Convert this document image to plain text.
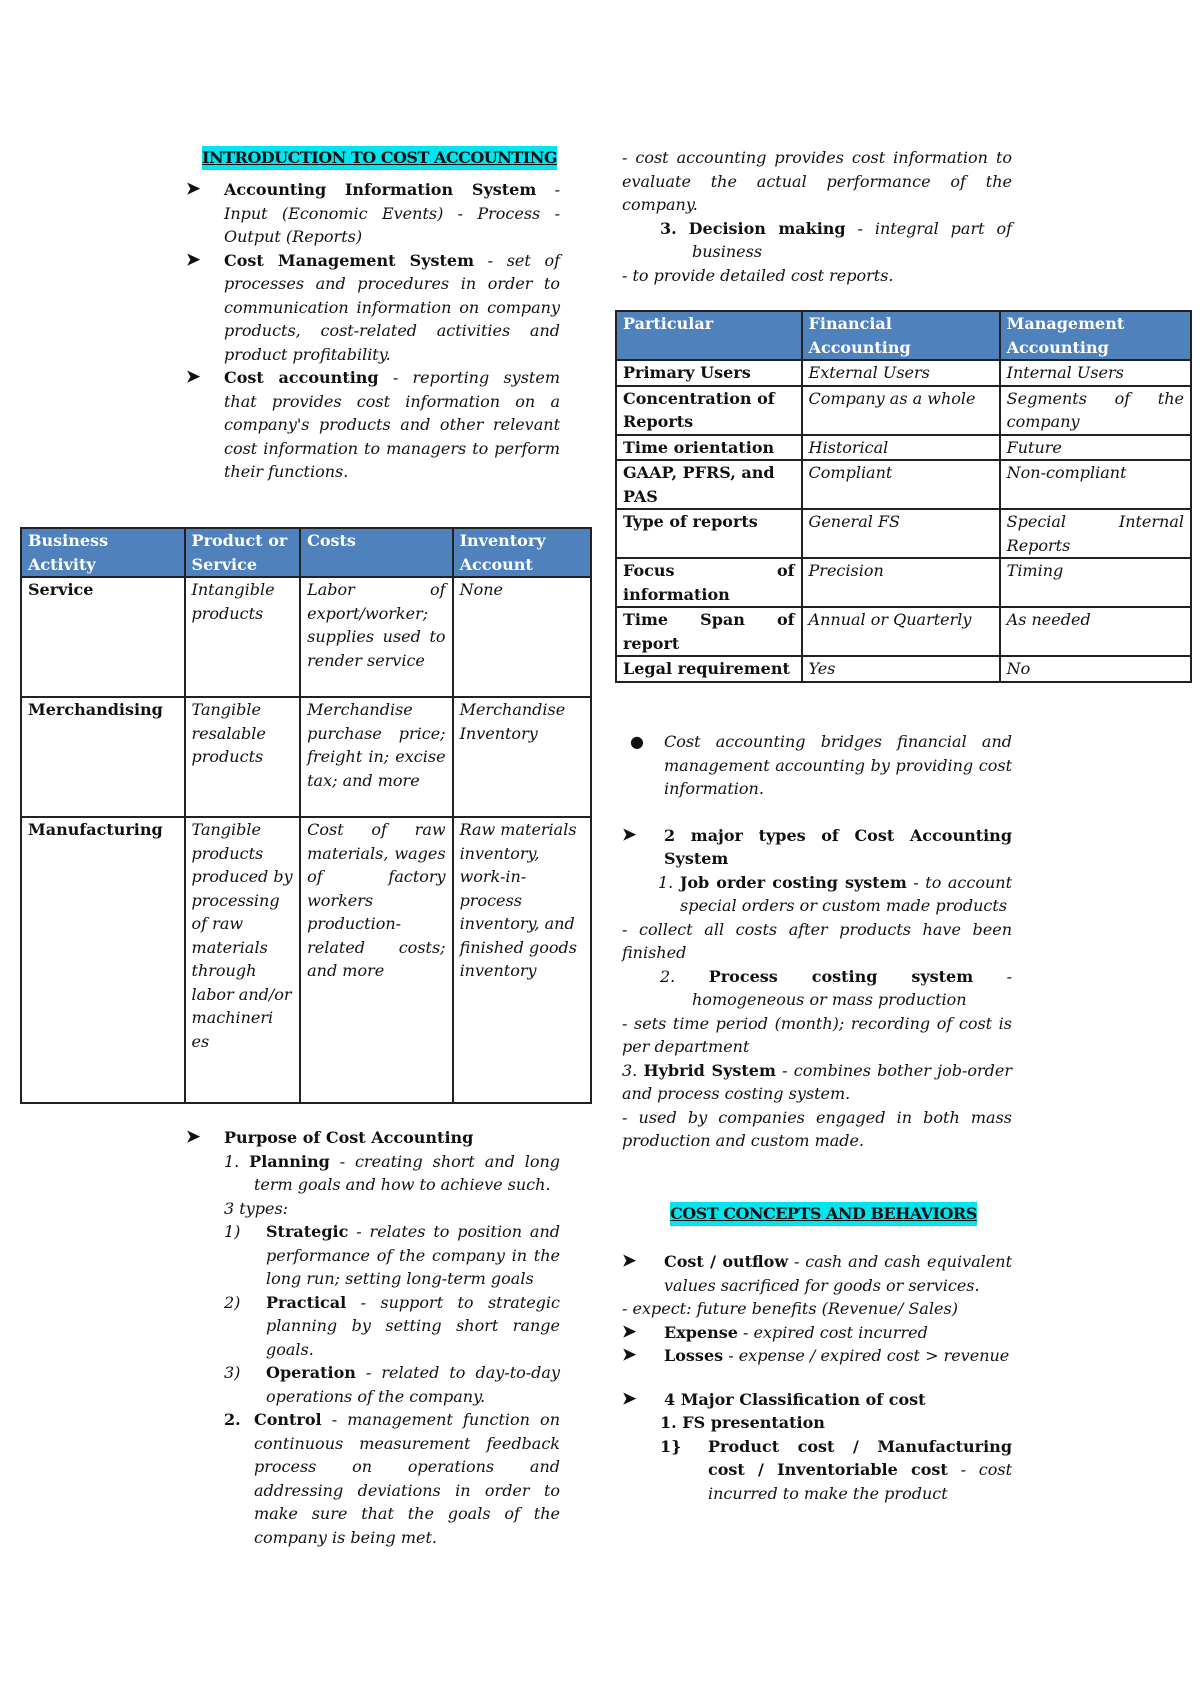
INTRODUCTION TO COST ACCOUNTING
➤ Accounting Information System - Input (Economic Events) - Process - Output (Reports)
➤ Cost Management System - set of processes and procedures in order to communication information on company products, cost-related activities and product profitability.
➤ Cost accounting - reporting system that provides cost information on a company's products and other relevant cost information to managers to perform their functions.
Business Activity	Product or Service	Costs	Inventory Account
Service	Intangible products	Labor of export/worker; supplies used to render service	None
Merchandising	Tangible resalable products	Merchandise purchase price; freight in; excise tax; and more	Merchandise Inventory
Manufacturing	Tangible products produced by processing of raw materials through labor and/or machineri es	Cost of raw materials, wages of factory workers production-related costs; and more	Raw materials inventory, work-in-process inventory, and finished goods inventory
➤ Purpose of Cost Accounting
1. Planning - creating short and long term goals and how to achieve such.
3 types:
1) Strategic - relates to position and performance of the company in the long run; setting long-term goals
2) Practical - support to strategic planning by setting short range goals.
3) Operation - related to day-to-day operations of the company.
2. Control - management function on continuous measurement feedback process on operations and addressing deviations in order to make sure that the goals of the company is being met.
- cost accounting provides cost information to evaluate the actual performance of the company.
3. Decision making - integral part of business
- to provide detailed cost reports.
Particular	Financial Accounting	Management Accounting
Primary Users	External Users	Internal Users
Concentration of Reports	Company as a whole	Segments of the company
Time orientation	Historical	Future
GAAP, PFRS, and PAS	Compliant	Non-compliant
Type of reports	General FS	Special Internal Reports
Focus of information	Precision	Timing
Time Span of report	Annual or Quarterly	As needed
Legal requirement	Yes	No
● Cost accounting bridges financial and management accounting by providing cost information.
➤ 2 major types of Cost Accounting System
1. Job order costing system - to account special orders or custom made products
- collect all costs after products have been finished
2. Process costing system - homogeneous or mass production
- sets time period (month); recording of cost is per department
3. Hybrid System - combines bother job-order and process costing system.
- used by companies engaged in both mass production and custom made.
COST CONCEPTS AND BEHAVIORS
➤ Cost / outflow - cash and cash equivalent values sacrificed for goods or services.
- expect: future benefits (Revenue/ Sales)
➤ Expense - expired cost incurred
➤ Losses - expense / expired cost > revenue
➤ 4 Major Classification of cost
1. FS presentation
1} Product cost / Manufacturing cost / Inventoriable cost - cost incurred to make the product
